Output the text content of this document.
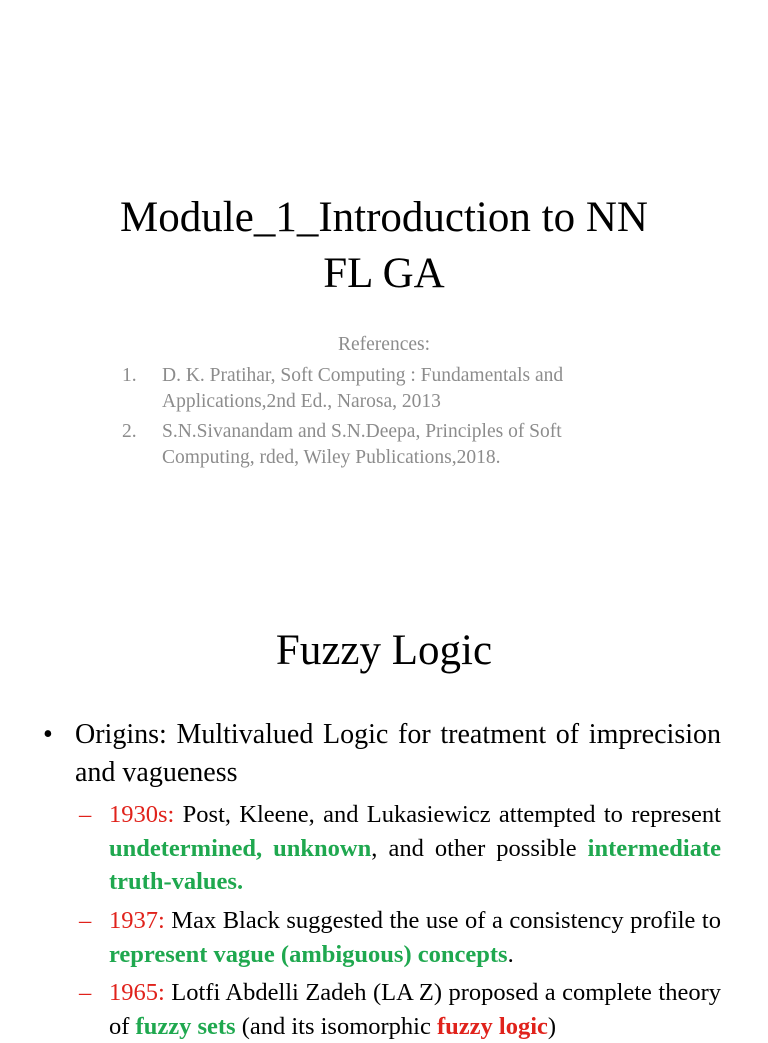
Module_1_Introduction to NN
FL GA
References:
1. D. K. Pratihar, Soft Computing : Fundamentals and
Applications,2nd Ed., Narosa, 2013
2. S.N.Sivanandam and S.N.Deepa, Principles of Soft
Computing, rded, Wiley Publications,2018.
Fuzzy Logic
• Origins: Multivalued Logic for treatment of imprecision and vagueness
– 1930s: Post, Kleene, and Lukasiewicz attempted to represent undetermined, unknown, and other possible intermediate truth-values.
– 1937: Max Black suggested the use of a consistency profile to represent vague (ambiguous) concepts.
– 1965: Lotfi Abdelli Zadeh (LA Z) proposed a complete theory of fuzzy sets (and its isomorphic fuzzy logic)
